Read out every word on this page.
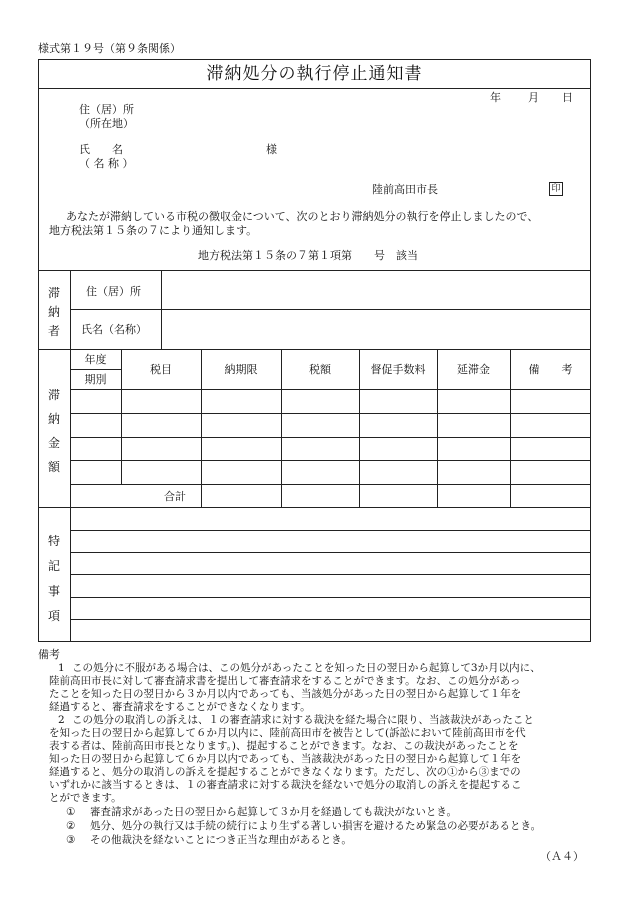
様式第１９号（第９条関係）
滞納処分の執行停止通知書
年 月 日
住（居）所
（所在地）
氏　　名
（ 名 称 ）
様
陸前高田市長	印
あなたが滞納している市税の徴収金について、次のとおり滞納処分の執行を停止しましたので、
地方税法第１５条の７により通知します。
地方税法第１５条の７第１項第　　号　該当
滞
納
者
住（居）所
氏名（名称）
滞
納
金
額
年度
期別
税目	納期限	税額	督促手数料	延滞金	備　　考
合計
特
記
事
項
備考
1 この処分に不服がある場合は、この処分があったことを知った日の翌日から起算して3か月以内に、
陸前高田市長に対して審査請求書を提出して審査請求をすることができます。なお、この処分があっ
たことを知った日の翌日から３か月以内であっても、当該処分があった日の翌日から起算して１年を
経過すると、審査請求をすることができなくなります。
2 この処分の取消しの訴えは、１の審査請求に対する裁決を経た場合に限り、当該裁決があったこと
を知った日の翌日から起算して６か月以内に、陸前高田市を被告として(訴訟において陸前高田市を代
表する者は、陸前高田市長となります。)、提起することができます。なお、この裁決があったことを
知った日の翌日から起算して６か月以内であっても、当該裁決があった日の翌日から起算して１年を
経過すると、処分の取消しの訴えを提起することができなくなります。ただし、次の①から③までの
いずれかに該当するときは、１の審査請求に対する裁決を経ないで処分の取消しの訴えを提起するこ
とができます。
① 審査請求があった日の翌日から起算して３か月を経過しても裁決がないとき。
② 処分、処分の執行又は手続の続行により生ずる著しい損害を避けるため緊急の必要があるとき。
③ その他裁決を経ないことにつき正当な理由があるとき。
（Ａ４）
